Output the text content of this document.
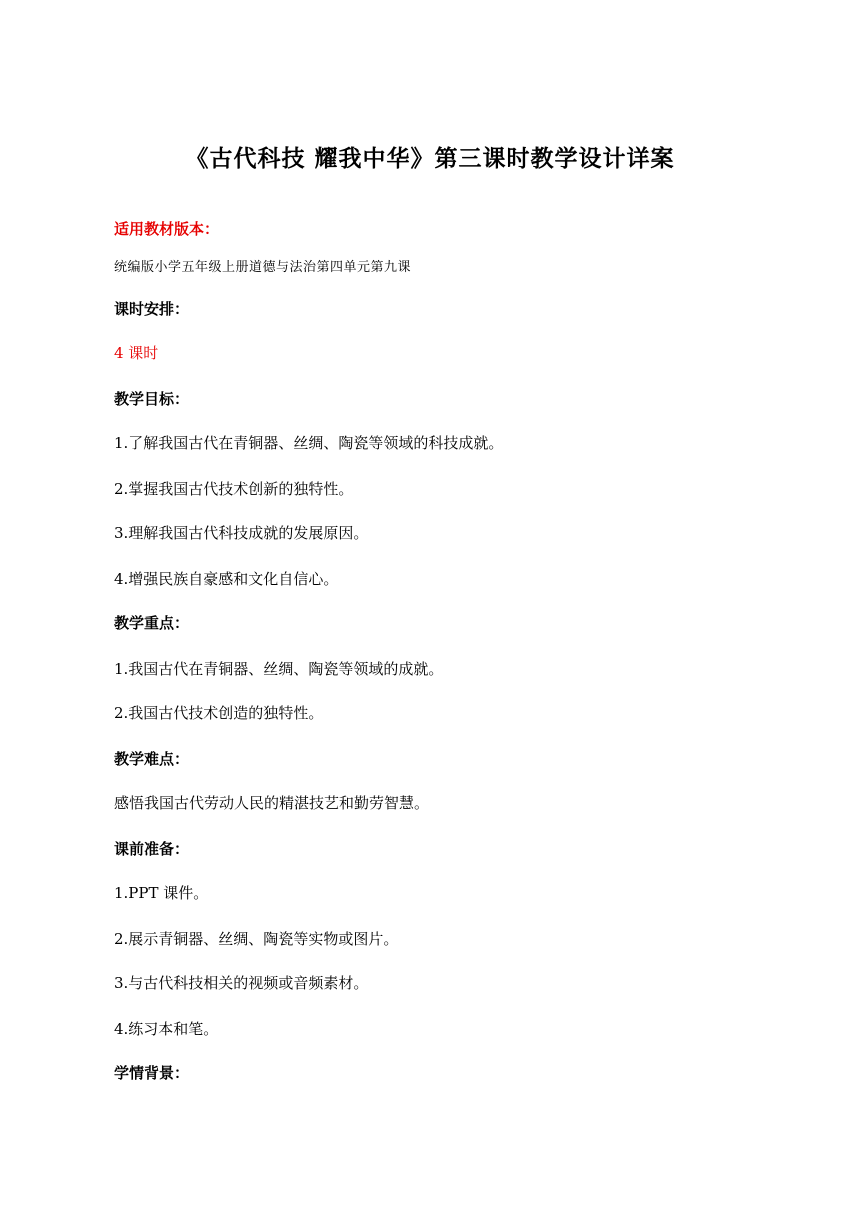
《古代科技 耀我中华》第三课时教学设计详案
适用教材版本：
统编版小学五年级上册道德与法治第四单元第九课
课时安排：
4 课时
教学目标：
1.了解我国古代在青铜器、丝绸、陶瓷等领域的科技成就。
2.掌握我国古代技术创新的独特性。
3.理解我国古代科技成就的发展原因。
4.增强民族自豪感和文化自信心。
教学重点：
1.我国古代在青铜器、丝绸、陶瓷等领域的成就。
2.我国古代技术创造的独特性。
教学难点：
感悟我国古代劳动人民的精湛技艺和勤劳智慧。
课前准备：
1.PPT 课件。
2.展示青铜器、丝绸、陶瓷等实物或图片。
3.与古代科技相关的视频或音频素材。
4.练习本和笔。
学情背景：
